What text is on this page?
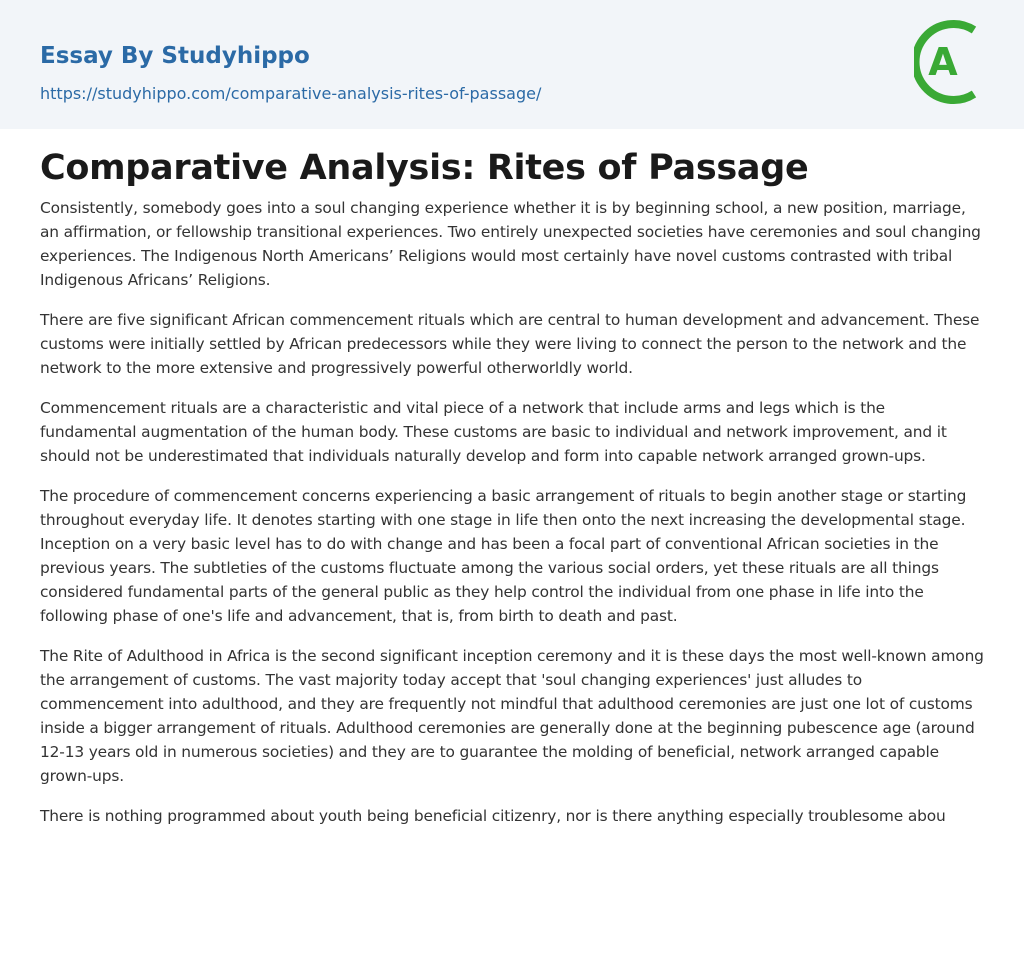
Essay By Studyhippo
https://studyhippo.com/comparative-analysis-rites-of-passage/
A
Comparative Analysis: Rites of Passage

Consistently, somebody goes into a soul changing experience whether it is by beginning school, a new position, marriage, an affirmation, or fellowship transitional experiences. Two entirely unexpected societies have ceremonies and soul changing experiences. The Indigenous North Americans’ Religions would most certainly have novel customs contrasted with tribal Indigenous Africans’ Religions.

There are five significant African commencement rituals which are central to human development and advancement. These customs were initially settled by African predecessors while they were living to connect the person to the network and the network to the more extensive and progressively powerful otherworldly world.

Commencement rituals are a characteristic and vital piece of a network that include arms and legs which is the fundamental augmentation of the human body. These customs are basic to individual and network improvement, and it should not be underestimated that individuals naturally develop and form into capable network arranged grown-ups.

The procedure of commencement concerns experiencing a basic arrangement of rituals to begin another stage or starting throughout everyday life. It denotes starting with one stage in life then onto the next increasing the developmental stage. Inception on a very basic level has to do with change and has been a focal part of conventional African societies in the previous years. The subtleties of the customs fluctuate among the various social orders, yet these rituals are all things considered fundamental parts of the general public as they help control the individual from one phase in life into the following phase of one's life and advancement, that is, from birth to death and past.

The Rite of Adulthood in Africa is the second significant inception ceremony and it is these days the most well-known among the arrangement of customs. The vast majority today accept that 'soul changing experiences' just alludes to commencement into adulthood, and they are frequently not mindful that adulthood ceremonies are just one lot of customs inside a bigger arrangement of rituals. Adulthood ceremonies are generally done at the beginning pubescence age (around 12-13 years old in numerous societies) and they are to guarantee the molding of beneficial, network arranged capable grown-ups.

There is nothing programmed about youth being beneficial citizenry, nor is there anything especially troublesome abou
